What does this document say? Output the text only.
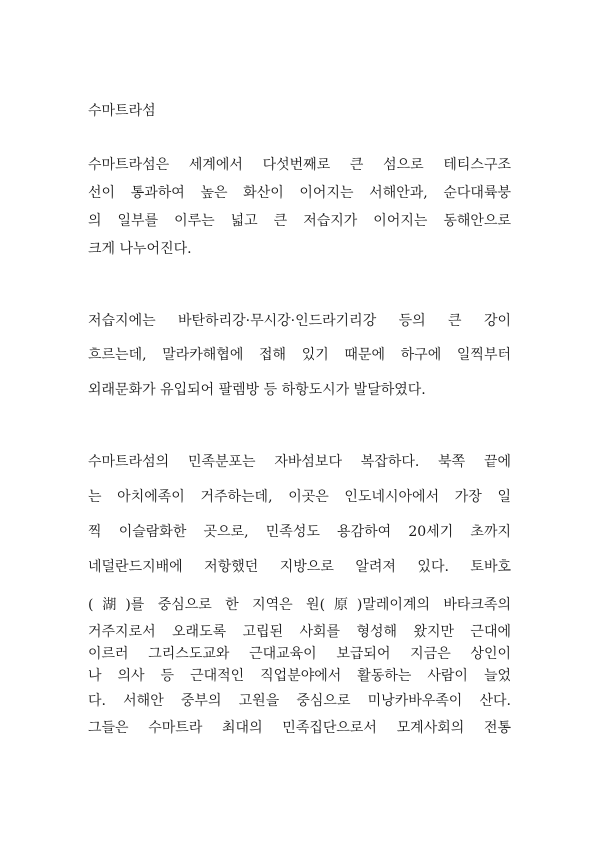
수마트라섬
수마트라섬은 세계에서 다섯번째로 큰 섬으로 테티스구조
선이 통과하여 높은 화산이 이어지는 서해안과, 순다대륙붕
의 일부를 이루는 넓고 큰 저습지가 이어지는 동해안으로
크게 나누어진다.
저습지에는 바탄하리강·무시강·인드라기리강 등의 큰 강이
흐르는데, 말라카해협에 접해 있기 때문에 하구에 일찍부터
외래문화가 유입되어 팔렘방 등 하항도시가 발달하였다.
수마트라섬의 민족분포는 자바섬보다 복잡하다. 북쪽 끝에
는 아치에족이 거주하는데, 이곳은 인도네시아에서 가장 일
찍 이슬람화한 곳으로, 민족성도 용감하여 20세기 초까지
네덜란드지배에 저항했던 지방으로 알려져 있다. 토바호
(湖)를 중심으로 한 지역은 원(原)말레이계의 바타크족의
거주지로서 오래도록 고립된 사회를 형성해 왔지만 근대에
이르러 그리스도교와 근대교육이 보급되어 지금은 상인이
나 의사 등 근대적인 직업분야에서 활동하는 사람이 늘었
다. 서해안 중부의 고원을 중심으로 미낭카바우족이 산다.
그들은 수마트라 최대의 민족집단으로서 모계사회의 전통
